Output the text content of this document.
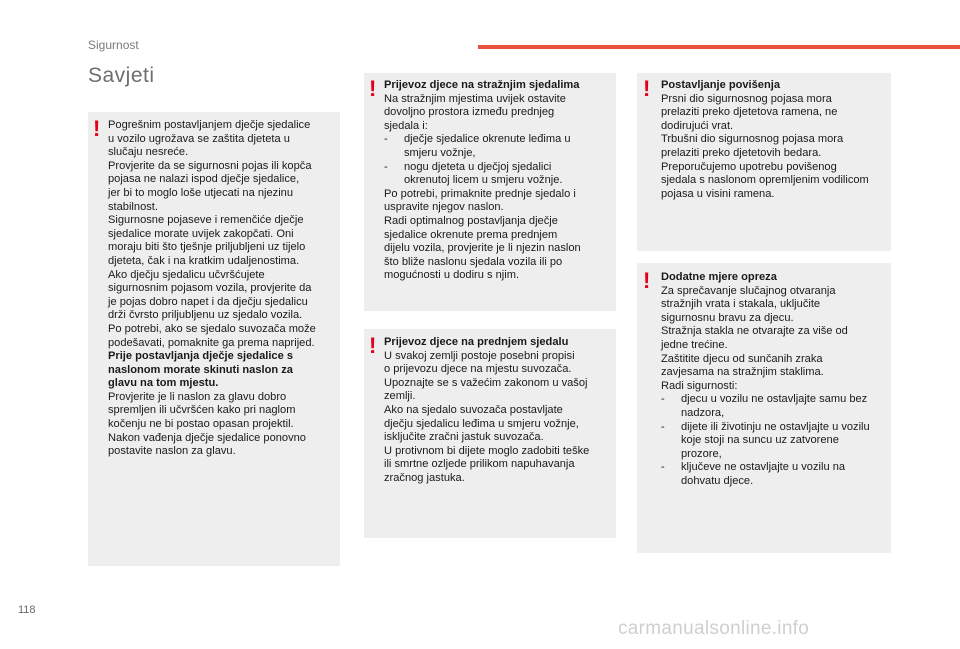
Sigurnost
Savjeti
! Pogrešnim postavljanjem dječje sjedalice

u vozilo ugrožava se zaštita djeteta u

slučaju nesreće.

Provjerite da se sigurnosni pojas ili kopča

pojasa ne nalazi ispod dječje sjedalice,

jer bi to moglo loše utjecati na njezinu

stabilnost.

Sigurnosne pojaseve i remenčiće dječje

sjedalice morate uvijek zakopčati. Oni

moraju biti što tješnje priljubljeni uz tijelo

djeteta, čak i na kratkim udaljenostima.

Ako dječju sjedalicu učvršćujete

sigurnosnim pojasom vozila, provjerite da

je pojas dobro napet i da dječju sjedalicu

drži čvrsto priljubljenu uz sjedalo vozila.

Po potrebi, ako se sjedalo suvozača može

podešavati, pomaknite ga prema naprijed.

Prije postavljanja dječje sjedalice s

naslonom morate skinuti naslon za

glavu na tom mjestu.

Provjerite je li naslon za glavu dobro

spremljen ili učvršćen kako pri naglom

kočenju ne bi postao opasan projektil.

Nakon vađenja dječje sjedalice ponovno

postavite naslon za glavu.

! Prijevoz djece na stražnjim sjedalima

Na stražnjim mjestima uvijek ostavite

dovoljno prostora između prednjeg

sjedala i:

- dječje sjedalice okrenute leđima u
smjeru vožnje,

- nogu djeteta u dječjoj sjedalici
okrenutoj licem u smjeru vožnje.

Po potrebi, primaknite prednje sjedalo i

uspravite njegov naslon.

Radi optimalnog postavljanja dječje

sjedalice okrenute prema prednjem

dijelu vozila, provjerite je li njezin naslon

što bliže naslonu sjedala vozila ili po

mogućnosti u dodiru s njim.

! Prijevoz djece na prednjem sjedalu

U svakoj zemlji postoje posebni propisi

o prijevozu djece na mjestu suvozača.

Upoznajte se s važećim zakonom u vašoj

zemlji.

Ako na sjedalo suvozača postavljate

dječju sjedalicu leđima u smjeru vožnje,

isključite zračni jastuk suvozača.

U protivnom bi dijete moglo zadobiti teške

ili smrtne ozljede prilikom napuhavanja

zračnog jastuka.

! Postavljanje povišenja

Prsni dio sigurnosnog pojasa mora

prelaziti preko djetetova ramena, ne

dodirujući vrat.

Trbušni dio sigurnosnog pojasa mora

prelaziti preko djetetovih bedara.

Preporučujemo upotrebu povišenog

sjedala s naslonom opremljenim vodilicom

pojasa u visini ramena.

! Dodatne mjere opreza

Za sprečavanje slučajnog otvaranja

stražnjih vrata i stakala, uključite

sigurnosnu bravu za djecu.

Stražnja stakla ne otvarajte za više od

jedne trećine.

Zaštitite djecu od sunčanih zraka

zavjesama na stražnjim staklima.

Radi sigurnosti:

- djecu u vozilu ne ostavljajte samu bez
nadzora,

- dijete ili životinju ne ostavljajte u vozilu
koje stoji na suncu uz zatvorene
prozore,

- ključeve ne ostavljajte u vozilu na
dohvatu djece.

118
carmanualsonline.info
